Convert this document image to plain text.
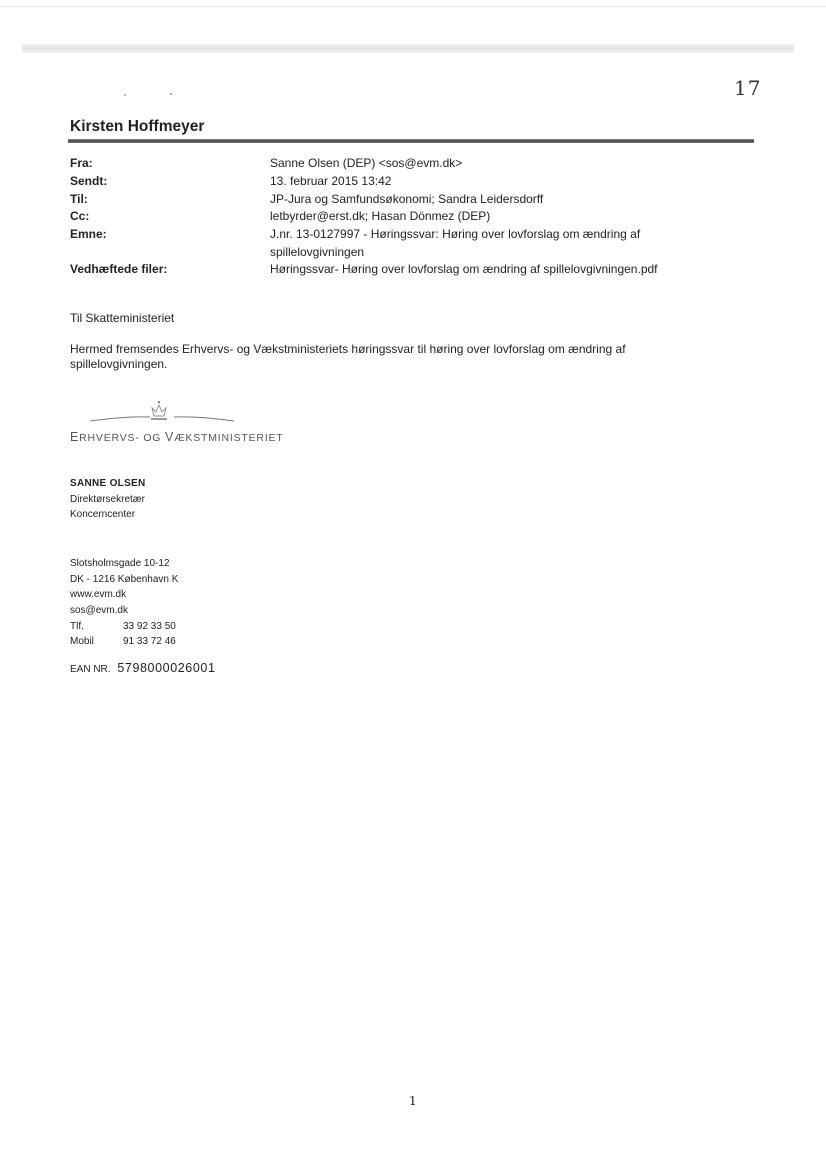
17
Kirsten Hoffmeyer
Fra:	Sanne Olsen (DEP) <sos@evm.dk>
Sendt:	13. februar 2015 13:42
Til:	JP-Jura og Samfundsøkonomi; Sandra Leidersdorff
Cc:	letbyrder@erst.dk; Hasan Dönmez (DEP)
Emne:	J.nr. 13-0127997 - Høringssvar: Høring over lovforslag om ændring af
spillelovgivningen
Vedhæftede filer:	Høringssvar- Høring over lovforslag om ændring af spillelovgivningen.pdf
Til Skatteministeriet
Hermed fremsendes Erhvervs- og Vækstministeriets høringssvar til høring over lovforslag om ændring af
spillelovgivningen.
ERHVERVS- OG VÆKSTMINISTERIET
SANNE OLSEN
Direktørsekretær
Koncerncenter
Slotsholmsgade 10-12
DK - 1216 København K
www.evm.dk
sos@evm.dk
Tlf.	33 92 33 50
Mobil	91 33 72 46
EAN NR. 5798000026001
1
